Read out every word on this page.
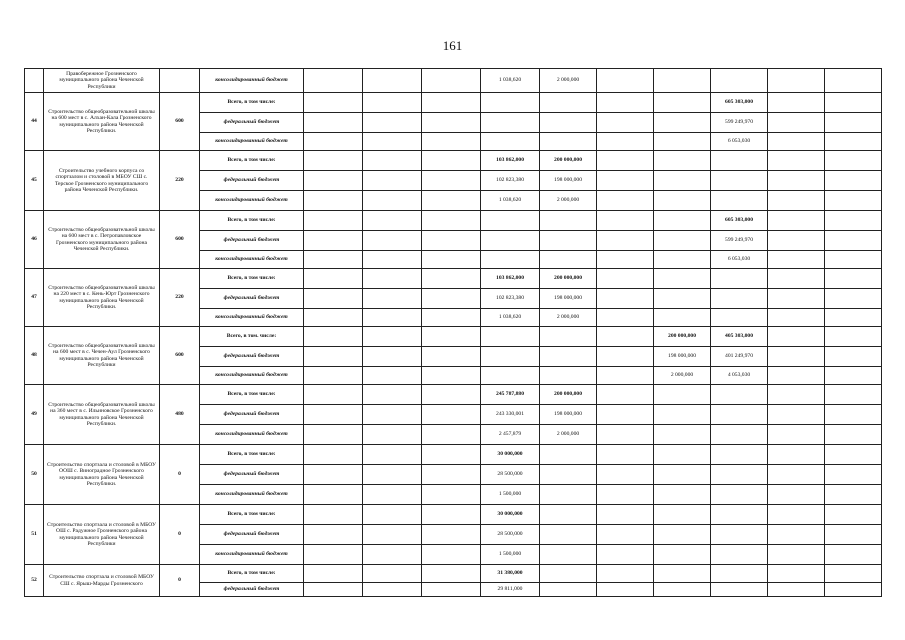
161
	Правобережное Грозненского муниципального района Чеченской Республики		консолидированный бюджет				1 038,620	2 000,000					
44	Строительство общеобразовательной школы на 600 мест в с. Алхан-Кала Грозненского муниципального района Чеченской Республики.	600	Всего, в том числе:								605 303,000		
			федеральный бюджет								599 249,970		
			консолидированный бюджет								6 053,030		
45	Строительство учебного корпуса со спортзалом и столовой в МБОУ СШ с. Терское Грозненского муниципального района Чеченской Республики.	220	Всего, в том числе:				103 862,000	200 000,000					
			федеральный бюджет				102 823,380	198 000,000					
			консолидированный бюджет				1 038,620	2 000,000					
46	Строительство общеобразовательной школы на 600 мест в с. Петропавловское Грозненского муниципального района Чеченской Республики.	600	Всего, в том числе:								605 303,000		
			федеральный бюджет								599 249,970		
			консолидированный бюджет								6 053,030		
47	Строительство общеобразовательной школы на 220 мест в с. Кень-Юрт Грозненского муниципального района Чеченской Республики.	220	Всего, в том числе:				103 862,000	200 000,000					
			федеральный бюджет				102 823,380	198 000,000					
			консолидированный бюджет				1 038,620	2 000,000					
48	Строительство общеобразовательной школы на 600 мест в с. Чечен-Аул Грозненского муниципального района Чеченской Республики	600	Всего, в том. числе:							200 000,000	405 303,000		
			федеральный бюджет							198 000,000	401 249,970		
			консолидированный бюджет							2 000,000	4 053,030		
49	Строительство общеобразовательной школы на 360 мест в с. Ильиновское Грозненского муниципального района Чеченской Республики.	480	Всего, в том числе:				245 787,880	200 000,000					
			федеральный бюджет				243 330,001	198 000,000					
			консолидированный бюджет				2 457,879	2 000,000					
50	Строительство спортзала и столовой в МБОУ ООШ с. Виноградное Грозненского муниципального района Чеченской Республики.	0	Всего, в том числе:				30 000,000						
			федеральный бюджет				28 500,000						
			консолидированный бюджет				1 500,000						
51	Строительство спортзала и столовой в МБОУ ОШ с. Радужное Грозненского района муниципального района Чеченской Республики	0	Всего, в том числе:				30 000,000						
			федеральный бюджет				28 500,000						
			консолидированный бюджет				1 500,000						
52	Строительство спортзала и столовой МБОУ СШ с. Ярыш-Марды Грозненского	0	Всего, в том числе:				31 380,000						
			федеральный бюджет				29 811,000						
